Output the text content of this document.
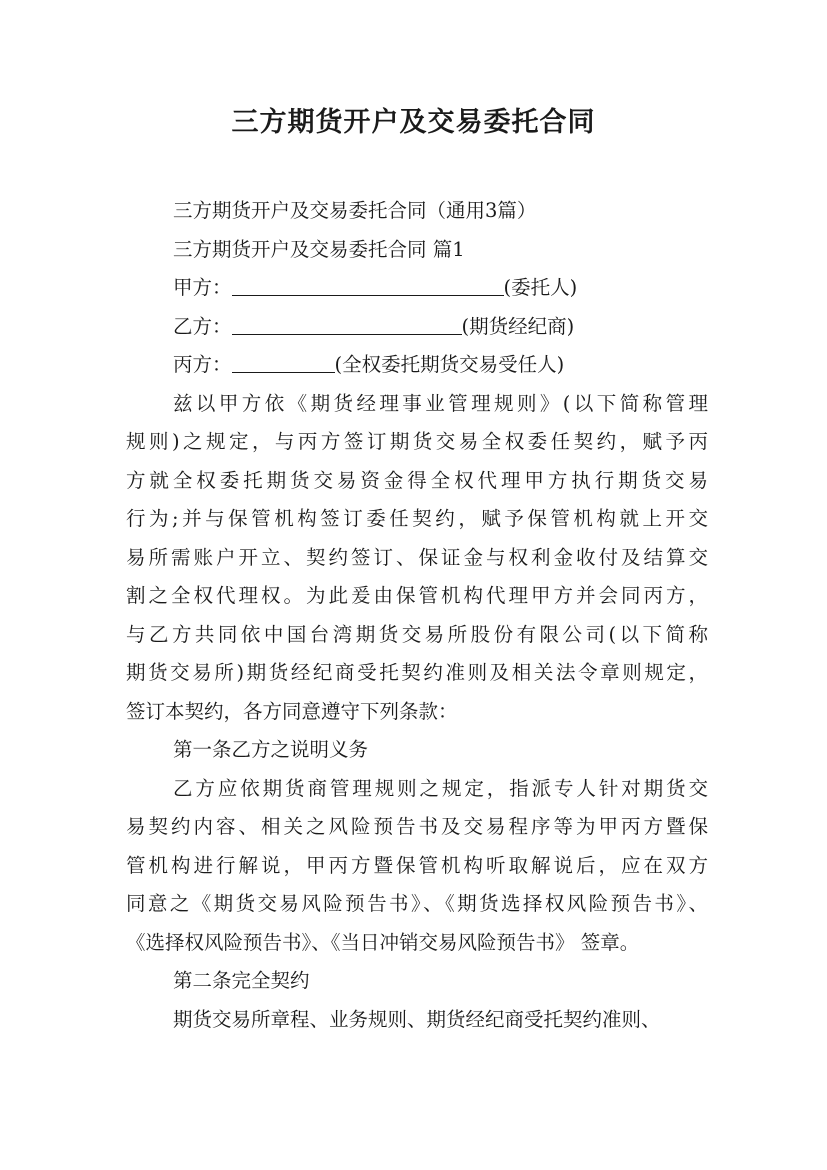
三方期货开户及交易委托合同

三方期货开户及交易委托合同（通用3篇）

三方期货开户及交易委托合同 篇1

甲方：	(委托人)

乙方：	(期货经纪商)

丙方：	(全权委托期货交易受任人)

兹以甲方依《期货经理事业管理规则》(以下简称管理

规则)之规定，与丙方签订期货交易全权委任契约，赋予丙

方就全权委托期货交易资金得全权代理甲方执行期货交易

行为;并与保管机构签订委任契约，赋予保管机构就上开交

易所需账户开立、契约签订、保证金与权利金收付及结算交

割之全权代理权。为此爰由保管机构代理甲方并会同丙方，

与乙方共同依中国台湾期货交易所股份有限公司(以下简称

期货交易所)期货经纪商受托契约准则及相关法令章则规定，

签订本契约，各方同意遵守下列条款：

第一条乙方之说明义务

乙方应依期货商管理规则之规定，指派专人针对期货交

易契约内容、相关之风险预告书及交易程序等为甲丙方暨保

管机构进行解说，甲丙方暨保管机构听取解说后，应在双方

同意之《期货交易风险预告书》、《期货选择权风险预告书》、

《选择权风险预告书》、《当日冲销交易风险预告书》 签章。

第二条完全契约

期货交易所章程、业务规则、期货经纪商受托契约准则、
